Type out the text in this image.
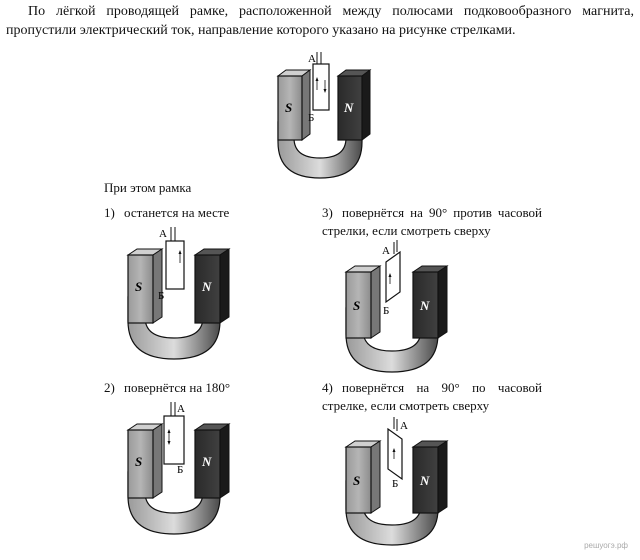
По лёгкой проводящей рамке, расположенной между полюсами подковообразного магнита, пропустили электрический ток, направление которого указано на рисунке стрелками.
А
Б
S	N
При этом рамка
1) останется на месте	3) повернётся на 90° против часовой стрелки, если смотреть сверху
2) повернётся на 180°	4) повернётся на 90° по часовой стрелке, если смотреть сверху
А
Б
S	N
А
Б
S	N
А
Б
S	N
А
Б
S	N
решуогэ.рф
